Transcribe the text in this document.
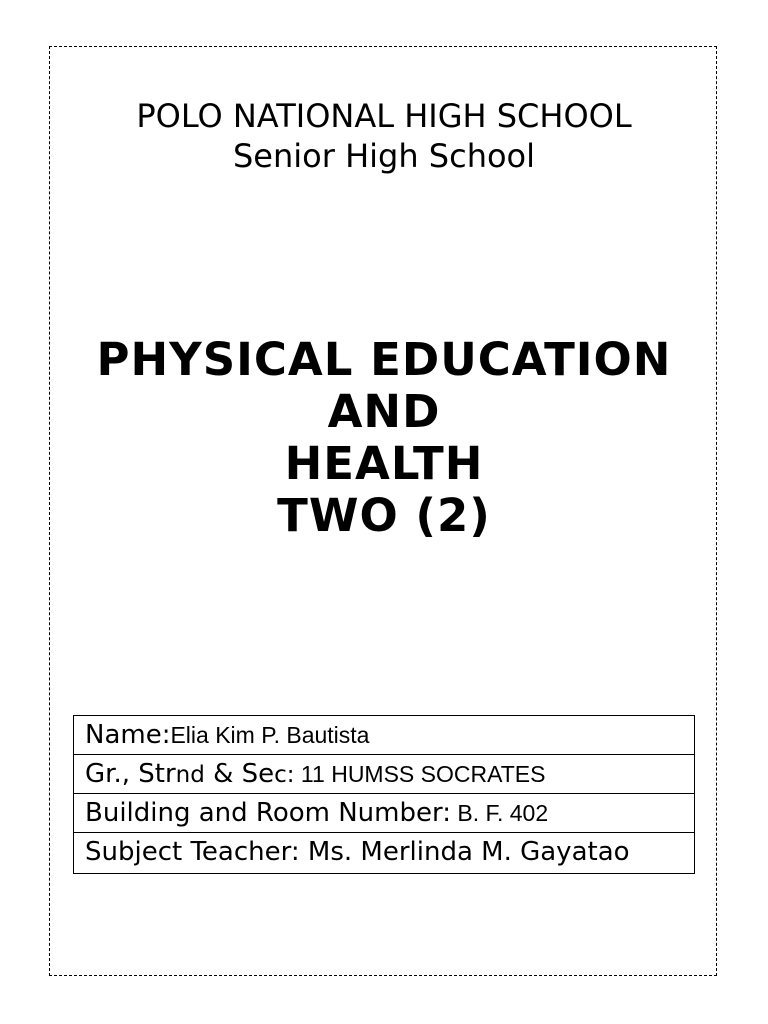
POLO NATIONAL HIGH SCHOOL
Senior High School
PHYSICAL EDUCATION
AND
HEALTH
TWO (2)
Name:Elia Kim P. Bautista
Gr., Strnd & Sec: 11 HUMSS SOCRATES
Building and Room Number: B. F. 402
Subject Teacher: Ms. Merlinda M. Gayatao
